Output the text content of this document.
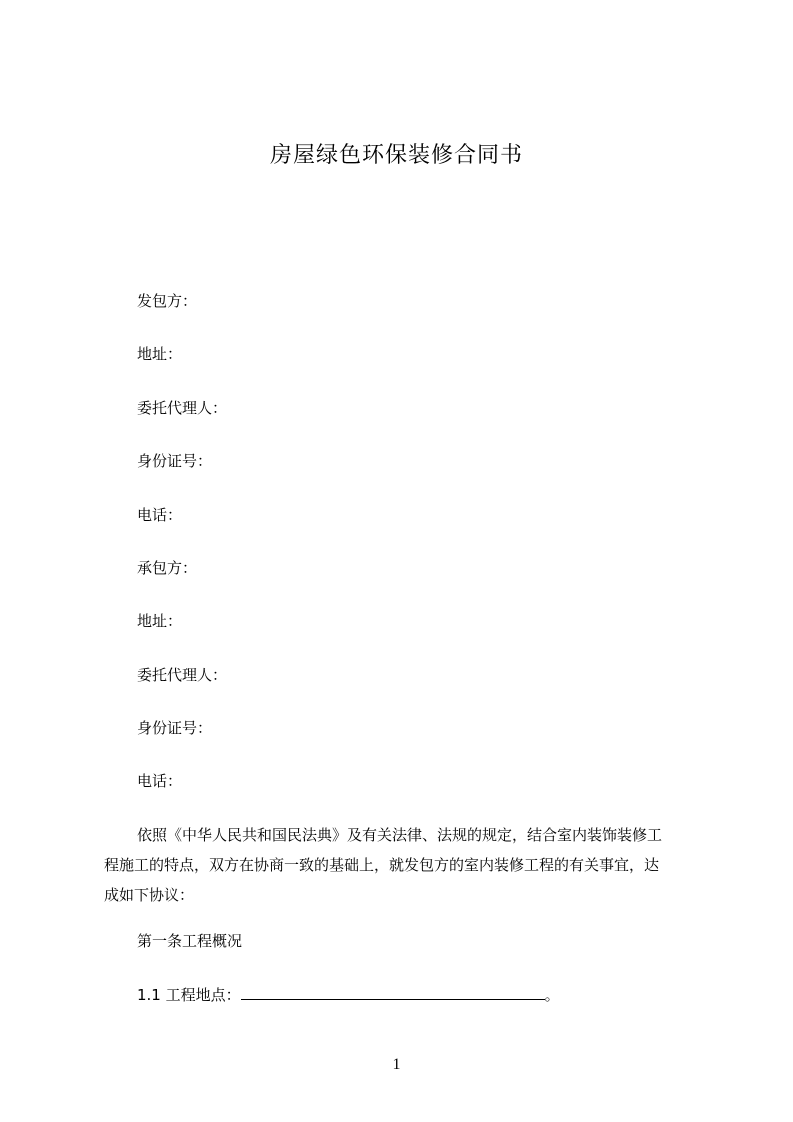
房屋绿色环保装修合同书
发包方：
地址：
委托代理人：
身份证号：
电话：
承包方：
地址：
委托代理人：
身份证号：
电话：
依照《中华人民共和国民法典》及有关法律、法规的规定，结合室内装饰装修工
程施工的特点，双方在协商一致的基础上，就发包方的室内装修工程的有关事宜，达
成如下协议：
第一条工程概况
1.1 工程地点：	。
1
